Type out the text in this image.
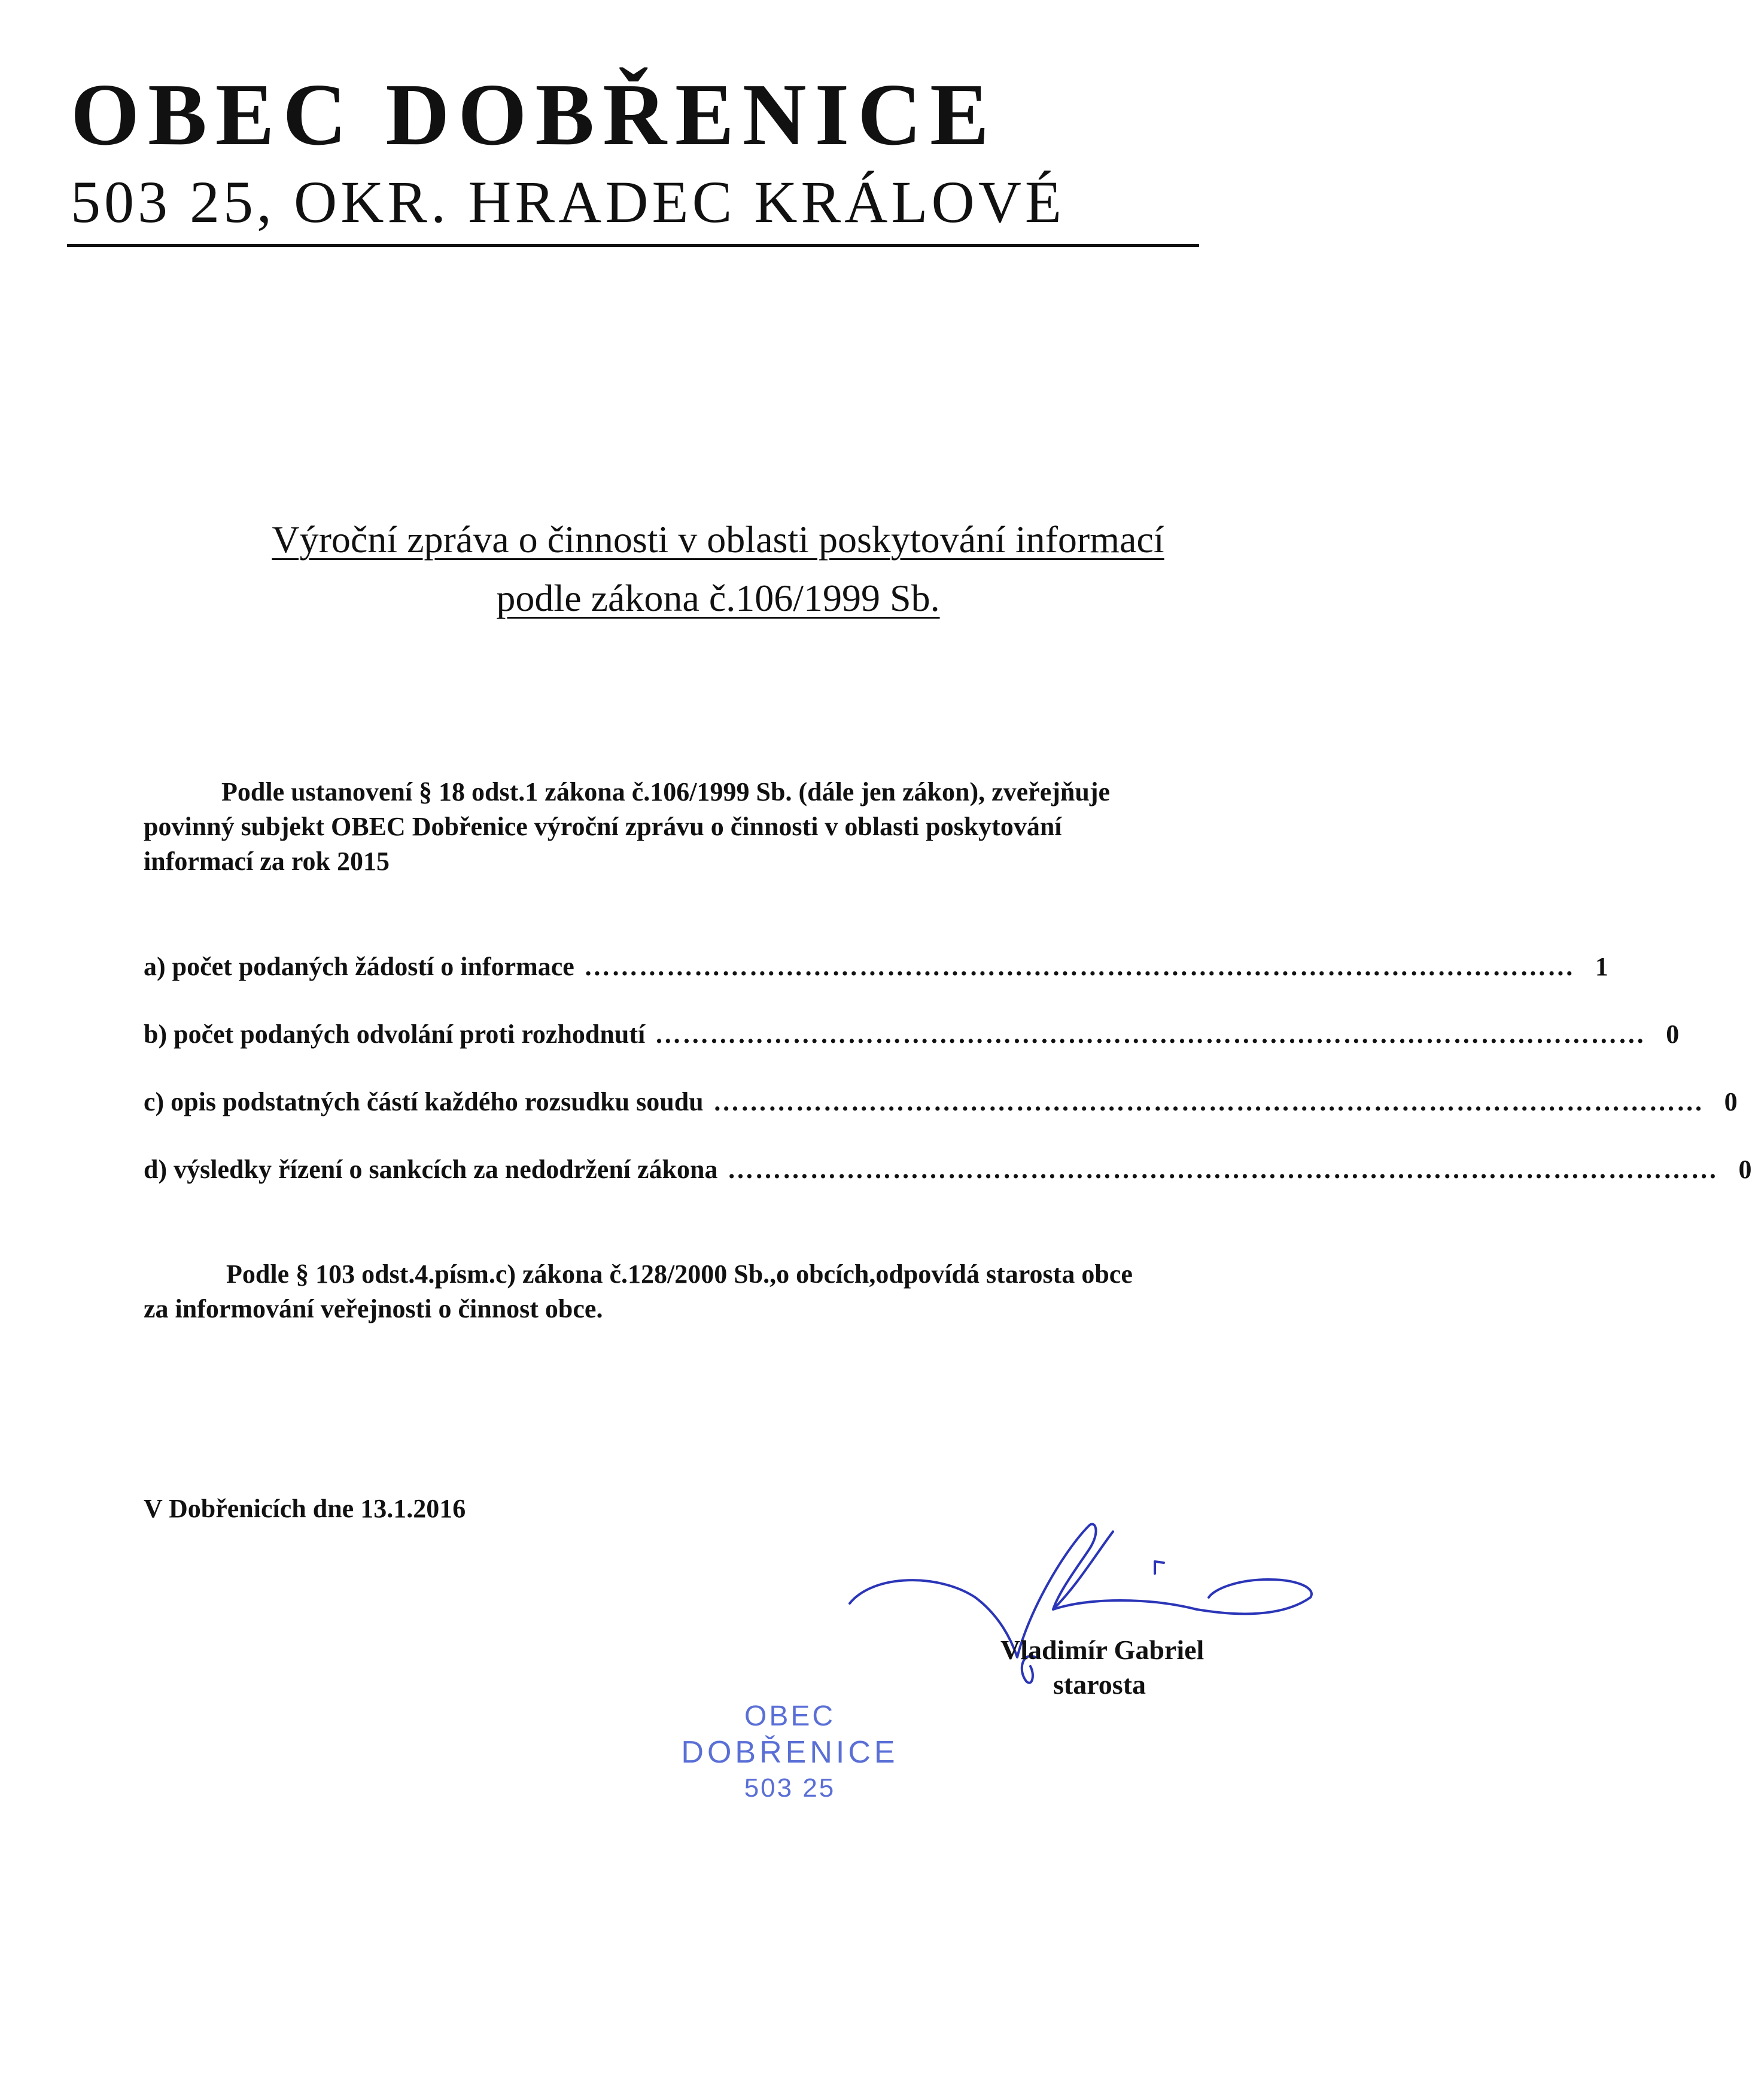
OBEC DOBŘENICE
503 25, OKR. HRADEC KRÁLOVÉ
Výroční zpráva o činnosti v oblasti poskytování informací
podle zákona č.106/1999 Sb.
Podle ustanovení § 18 odst.1 zákona č.106/1999 Sb. (dále jen zákon), zveřejňuje
povinný subjekt OBEC Dobřenice výroční zprávu o činnosti v oblasti poskytování
informací za rok 2015
a) počet podaných žádostí o informace ……………………………………………………………………………………………… 1
b) počet podaných odvolání proti rozhodnutí ……………………………………………………………………………………………… 0
c) opis podstatných částí každého rozsudku soudu ……………………………………………………………………………………………… 0
d) výsledky řízení o sankcích za nedodržení zákona ……………………………………………………………………………………………… 0
Podle § 103 odst.4.písm.c) zákona č.128/2000 Sb.,o obcích,odpovídá starosta obce
za informování veřejnosti o činnost obce.
V Dobřenicích dne 13.1.2016
Vladimír Gabriel
starosta
OBEC
DOBŘENICE
503 25
